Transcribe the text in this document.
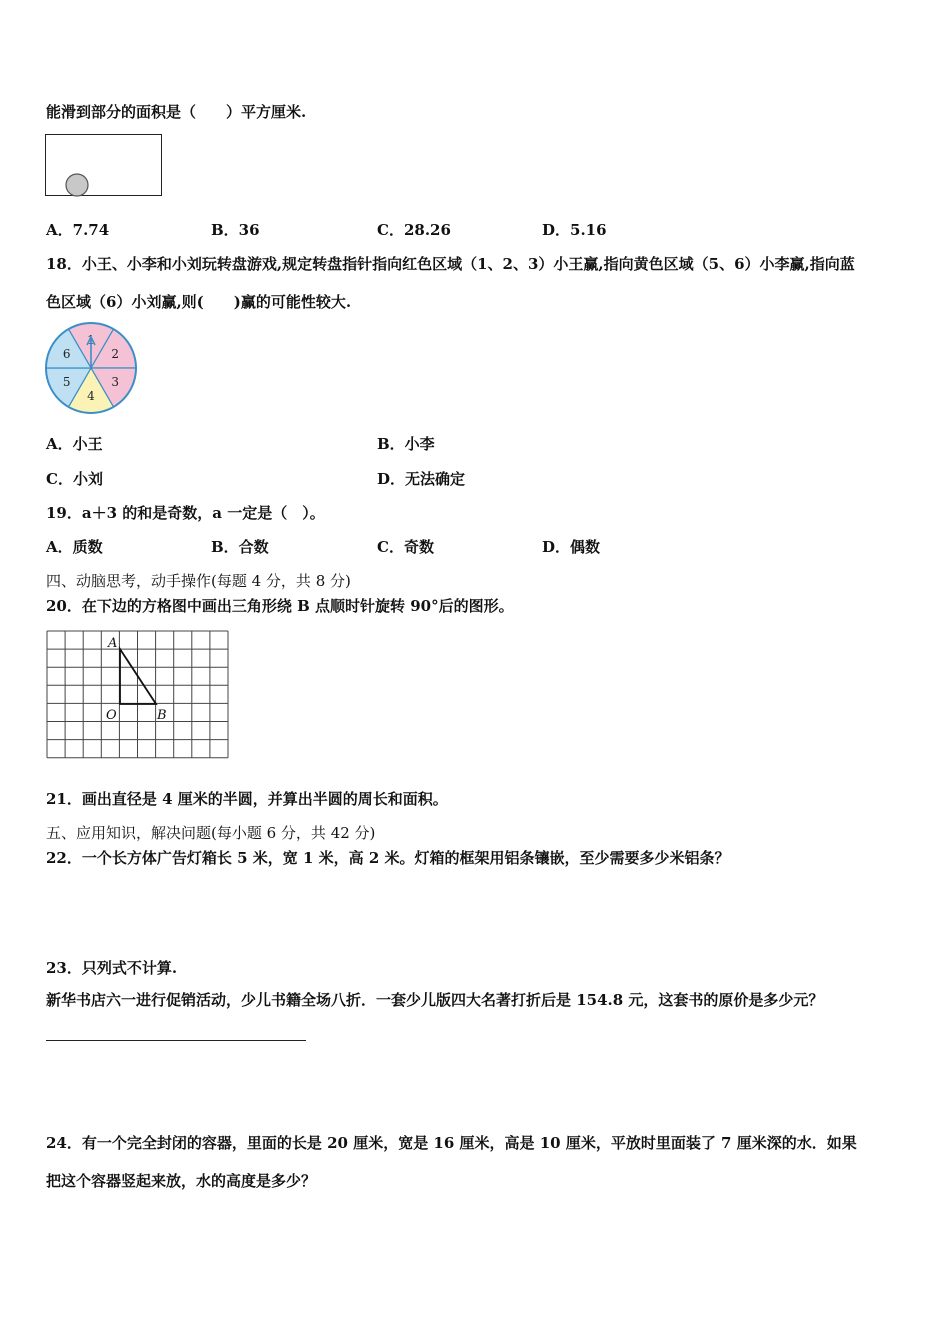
能滑到部分的面积是（　　）平方厘米.
A．7.74	B．36	C．28.26	D．5.16
18．小王、小李和小刘玩转盘游戏,规定转盘指针指向红色区域（1、2、3）小王赢,指向黄色区域（5、6）小李赢,指向蓝
色区域（6）小刘赢,则(　　)赢的可能性较大.
1
2
3
4
5
6
A．小王	B．小李
C．小刘	D．无法确定
19．a＋3 的和是奇数，a 一定是（　）。
A．质数	B．合数	C．奇数	D．偶数
四、动脑思考，动手操作(每题 4 分，共 8 分)
20．在下边的方格图中画出三角形绕 B 点顺时针旋转 90°后的图形。
A
O	B
21．画出直径是 4 厘米的半圆，并算出半圆的周长和面积。
五、应用知识，解决问题(每小题 6 分，共 42 分)
22．一个长方体广告灯箱长 5 米，宽 1 米，高 2 米。灯箱的框架用铝条镶嵌，至少需要多少米铝条？
23．只列式不计算.
新华书店六一进行促销活动，少儿书籍全场八折．一套少儿版四大名著打折后是 154.8 元，这套书的原价是多少元？
24．有一个完全封闭的容器，里面的长是 20 厘米，宽是 16 厘米，高是 10 厘米，平放时里面装了 7 厘米深的水．如果
把这个容器竖起来放，水的高度是多少？
